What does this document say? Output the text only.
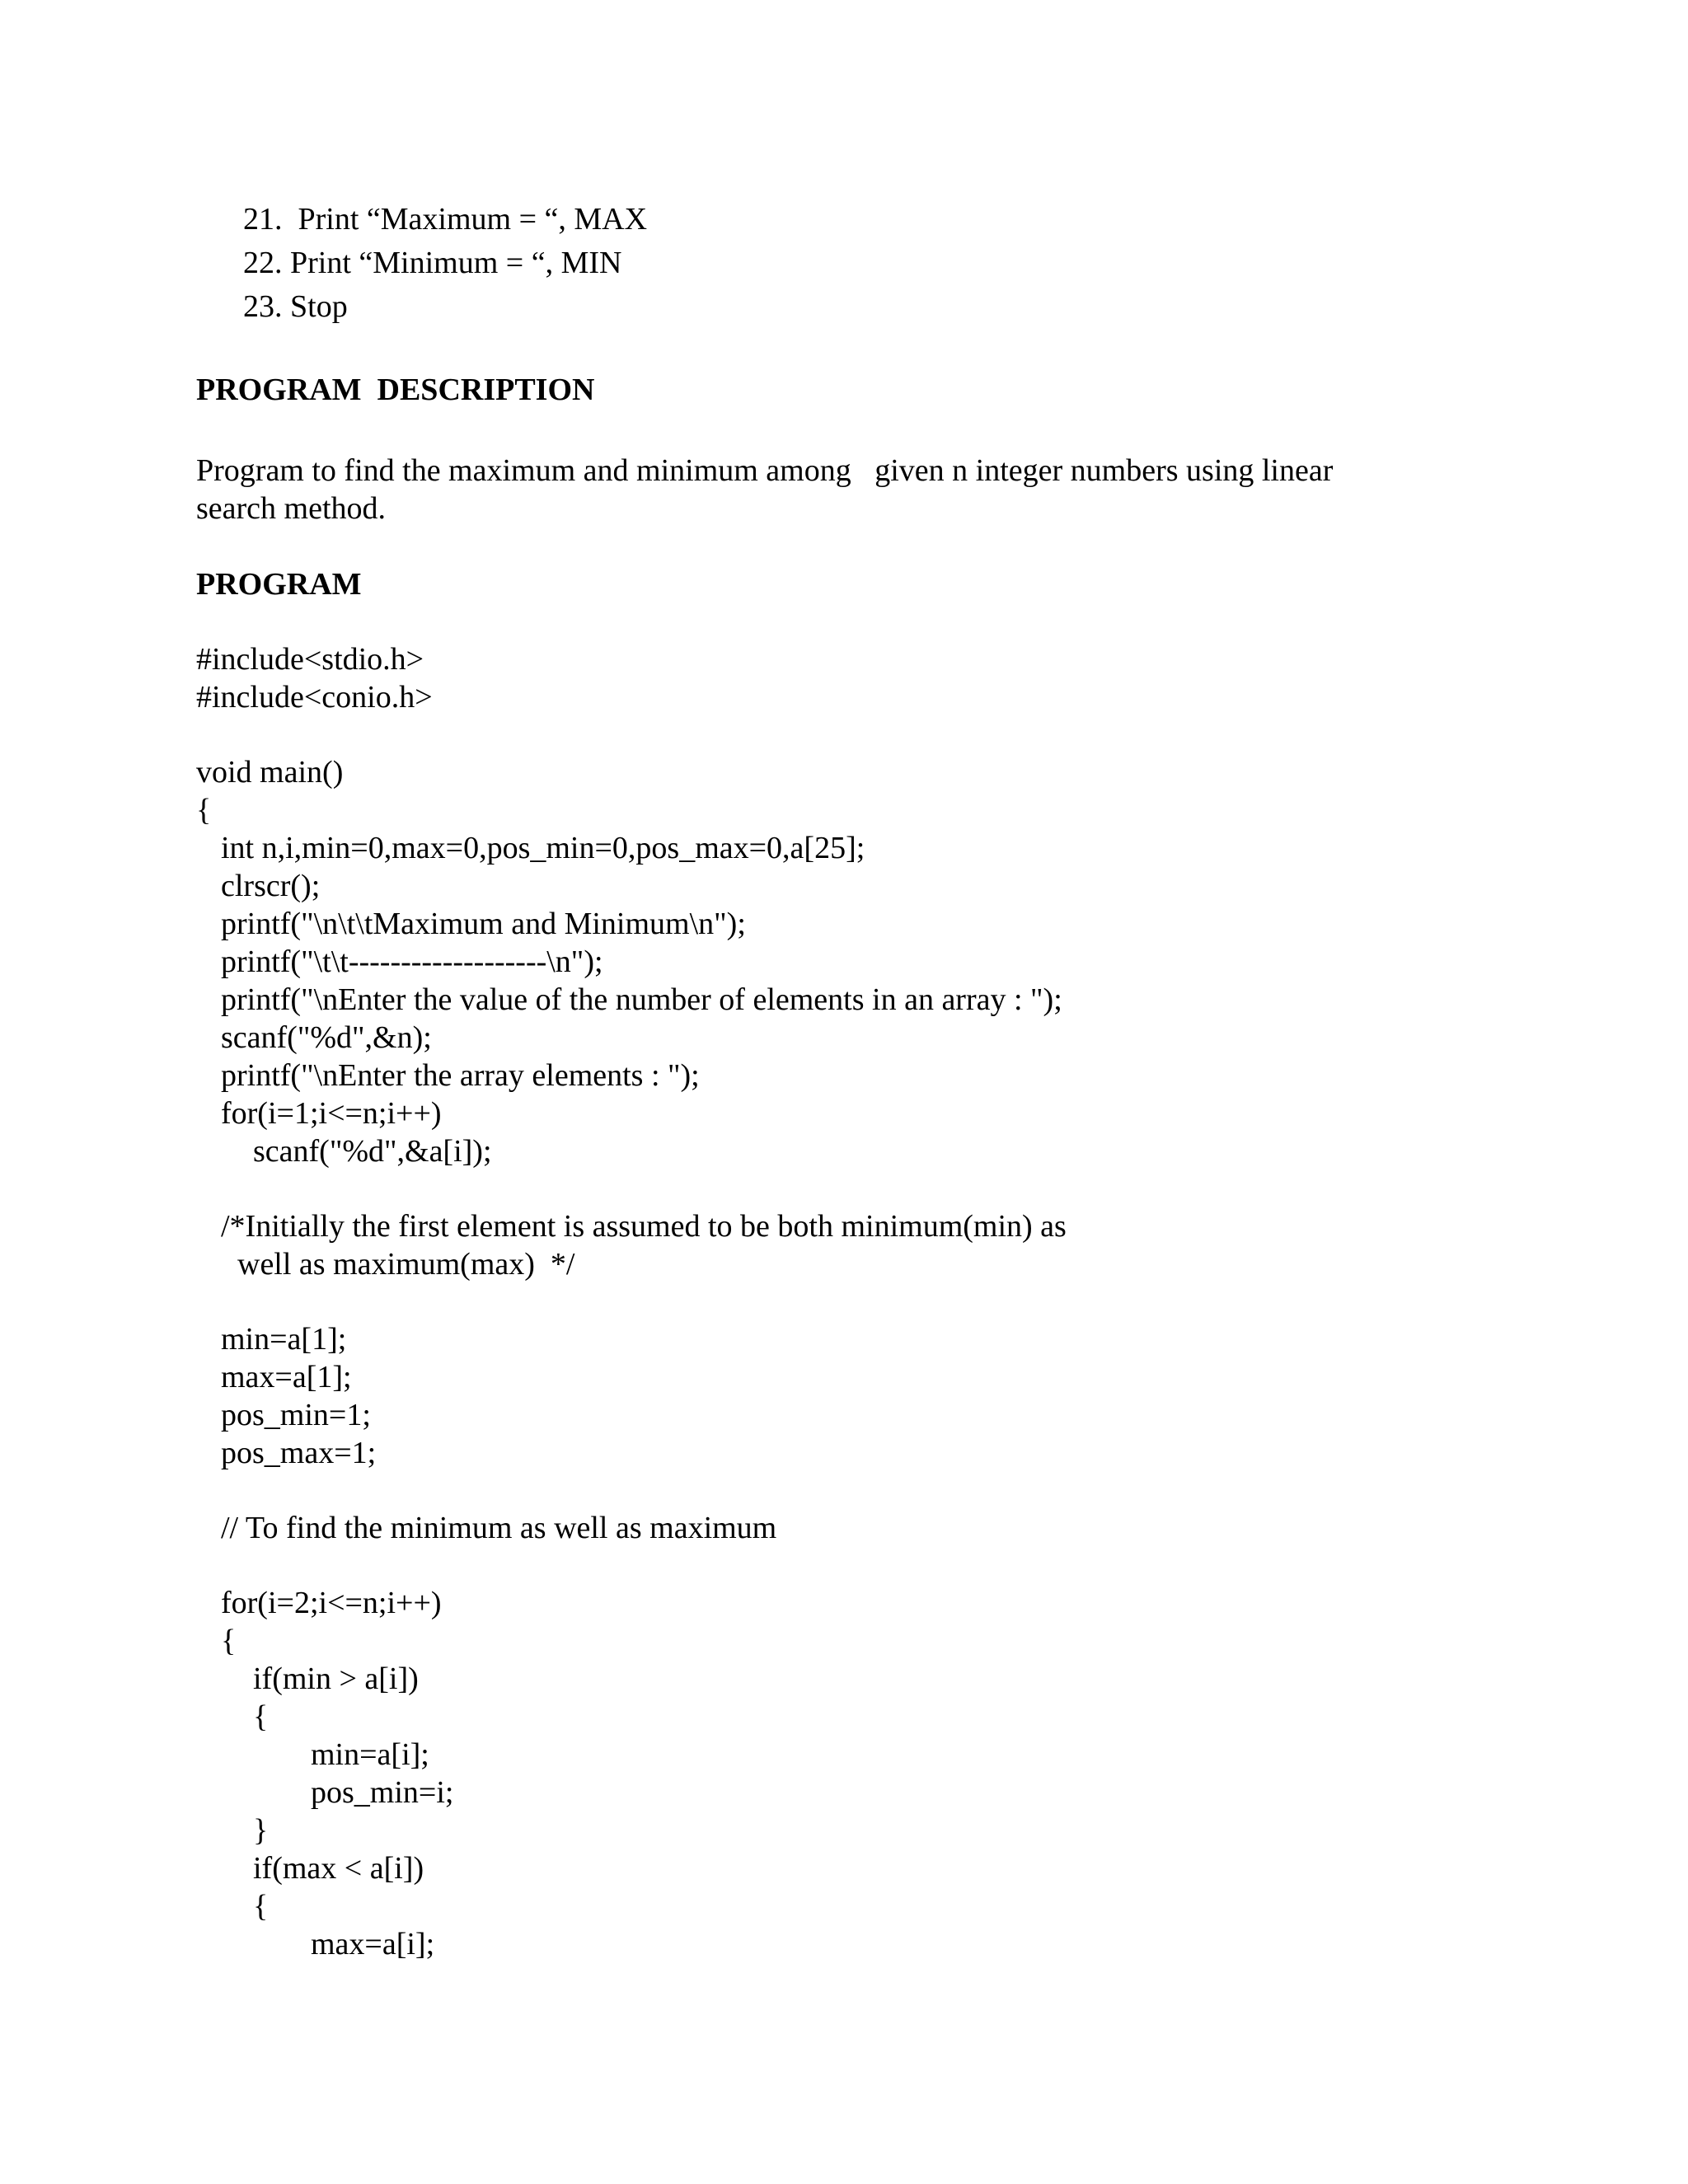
21.  Print “Maximum = “, MAX
22. Print “Minimum = “, MIN
23. Stop
PROGRAM  DESCRIPTION
Program to find the maximum and minimum among   given n integer numbers using linear
search method.
PROGRAM
#include<stdio.h>
#include<conio.h>
void main()
{
int n,i,min=0,max=0,pos_min=0,pos_max=0,a[25];
clrscr();
printf("\n\t\tMaximum and Minimum\n");
printf("\t\t-------------------\n");
printf("\nEnter the value of the number of elements in an array : ");
scanf("%d",&n);
printf("\nEnter the array elements : ");
for(i=1;i<=n;i++)
scanf("%d",&a[i]);
/*Initially the first element is assumed to be both minimum(min) as
well as maximum(max)  */
min=a[1];
max=a[1];
pos_min=1;
pos_max=1;
// To find the minimum as well as maximum
for(i=2;i<=n;i++)
{
if(min > a[i])
{
min=a[i];
pos_min=i;
}
if(max < a[i])
{
max=a[i];
